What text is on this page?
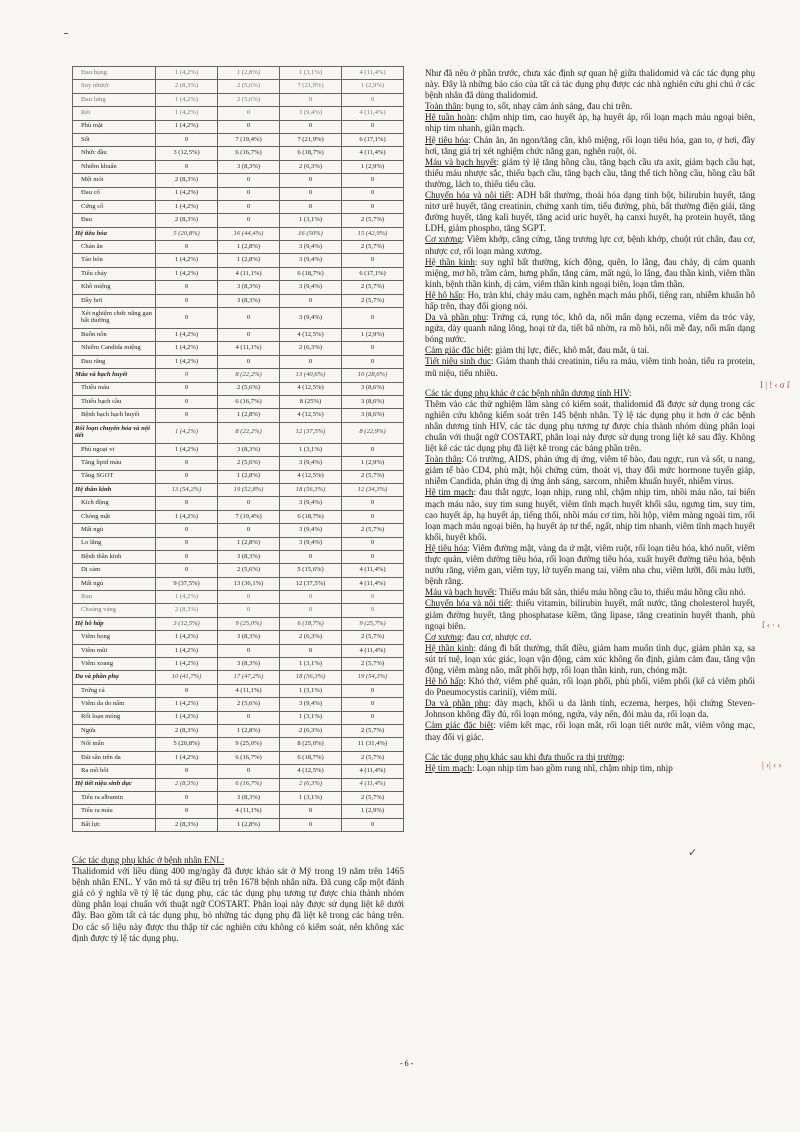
Đau bụng	1 (4,2%)	1 (2,8%)	1 (3,1%)	4 (11,4%)
Suy nhược	2 (8,3%)	2 (5,6%)	7 (21,9%)	1 (2,9%)
Đau lưng	1 (4,2%)	2 (5,6%)	0	0
Rét	1 (4,2%)	0	3 (9,4%)	4 (11,4%)
Phù mặt	1 (4,2%)	0	0	0
Sốt	0	7 (19,4%)	7 (21,9%)	6 (17,1%)
Nhức đầu	3 (12,5%)	6 (16,7%)	6 (18,7%)	4 (11,4%)
Nhiễm khuẩn	0	3 (8,3%)	2 (6,3%)	1 (2,9%)
Mệt mỏi	2 (8,3%)	0	0	0
Đau cổ	1 (4,2%)	0	0	0
Cứng cổ	1 (4,2%)	0	0	0
Đau	2 (8,3%)	0	1 (3,1%)	2 (5,7%)
Hệ tiêu hóa	5 (20,8%)	16 (44,4%)	16 (50%)	15 (42,9%)
Chán ăn	0	1 (2,8%)	3 (9,4%)	2 (5,7%)
Táo bón	1 (4,2%)	1 (2,8%)	3 (9,4%)	0
Tiêu chảy	1 (4,2%)	4 (11,1%)	6 (18,7%)	6 (17,1%)
Khô miệng	0	3 (8,3%)	3 (9,4%)	2 (5,7%)
Đầy hơi	0	3 (8,3%)	0	2 (5,7%)
Xét nghiệm chức năng gan bất thường	0	0	3 (9,4%)	0
Buồn nôn	1 (4,2%)	0	4 (12,5%)	1 (2,9%)
Nhiễm Candida miệng	1 (4,2%)	4 (11,1%)	2 (6,3%)	0
Đau răng	1 (4,2%)	0	0	0
Máu và bạch huyết	0	8 (22,2%)	13 (40,6%)	10 (28,6%)
Thiếu máu	0	2 (5,6%)	4 (12,5%)	3 (8,6%)
Thiếu bạch cầu	0	6 (16,7%)	8 (25%)	3 (8,6%)
Bệnh bạch hạch huyết	0	1 (2,8%)	4 (12,5%)	3 (8,6%)
Rối loạn chuyển hóa và nội tiết	1 (4,2%)	8 (22,2%)	12 (37,5%)	8 (22,9%)
Phù ngoại vi	1 (4,2%)	3 (8,3%)	1 (3,1%)	0
Tăng lipid máu	0	2 (5,6%)	3 (9,4%)	1 (2,9%)
Tăng SGOT	0	1 (2,8%)	4 (12,5%)	2 (5,7%)
Hệ thần kinh	13 (54,2%)	19 (52,8%)	18 (56,3%)	12 (34,3%)
Kích động	0	0	3 (9,4%)	0
Chóng mặt	1 (4,2%)	7 (19,4%)	6 (18,7%)	0
Mất ngủ	0	0	3 (9,4%)	2 (5,7%)
Lo lắng	0	1 (2,8%)	3 (9,4%)	0
Bệnh thần kinh	0	3 (8,3%)	0	0
Dị cảm	0	2 (5,6%)	5 (15,6%)	4 (11,4%)
Mất ngủ	9 (37,5%)	13 (36,1%)	12 (37,5%)	4 (11,4%)
Run	1 (4,2%)	0	0	0
Choáng váng	2 (8,3%)	0	0	0
Hệ hô hấp	3 (12,5%)	9 (25,0%)	6 (18,7%)	9 (25,7%)
Viêm họng	1 (4,2%)	3 (8,3%)	2 (6,3%)	2 (5,7%)
Viêm mũi	1 (4,2%)	0	0	4 (11,4%)
Viêm xoang	1 (4,2%)	3 (8,3%)	1 (3,1%)	2 (5,7%)
Da và phần phụ	10 (41,7%)	17 (47,2%)	18 (56,3%)	19 (54,3%)
Trứng cá	0	4 (11,1%)	1 (3,1%)	0
Viêm da do nấm	1 (4,2%)	2 (5,6%)	3 (9,4%)	0
Rối loạn móng	1 (4,2%)	0	1 (3,1%)	0
Ngứa	2 (8,3%)	1 (2,8%)	2 (6,3%)	2 (5,7%)
Nổi mẩn	5 (20,8%)	9 (25,0%)	8 (25,0%)	11 (31,4%)
Đát sần trên da	1 (4,2%)	6 (16,7%)	6 (18,7%)	2 (5,7%)
Ra mồ hôi	0	0	4 (12,5%)	4 (11,4%)
Hệ tiết niệu sinh dục	2 (8,3%)	6 (16,7%)	2 (6,3%)	4 (11,4%)
Tiểu ra albumin	0	3 (8,3%)	1 (3,1%)	2 (5,7%)
Tiểu ra máu	0	4 (11,1%)	0	1 (2,9%)
Bất lực	2 (8,3%)	1 (2,8%)	0	0

Các tác dụng phụ khác ở bệnh nhân ENL:

Thalidomid với liều dùng 400 mg/ngày đã được khảo sát ở Mỹ trong 19 năm trên 1465 bệnh nhân ENL. Y văn mô tả sự điều trị trên 1678 bệnh nhân nữa. Đã cung cấp một đánh giá có ý nghĩa về tỷ lệ tác dụng phụ, các tác dụng phụ tương tự được chia thành nhóm dùng phân loại chuẩn với thuật ngữ COSTART. Phân loại này được sử dụng liệt kê dưới đây. Bao gồm tất cả tác dụng phụ, bỏ những tác dụng phụ đã liệt kê trong các bảng trên. Do các số liệu này được thu thập từ các nghiên cứu không có kiểm soát, nên không xác định được tỷ lệ tác dụng phụ.

Như đã nêu ở phần trước, chưa xác định sự quan hệ giữa thalidomid và các tác dụng phụ này. Đây là những báo cáo của tất cả tác dụng phụ được các nhà nghiên cứu ghi chú ở các bệnh nhân đã dùng thalidomid.

Toàn thân: bụng to, sốt, nhạy cảm ánh sáng, đau chi trên.

Hệ tuần hoàn: chậm nhịp tim, cao huyết áp, hạ huyết áp, rối loạn mạch máu ngoại biên, nhịp tim nhanh, giãn mạch.

Hệ tiêu hóa: Chán ăn, ăn ngon/tăng cân, khô miệng, rối loạn tiêu hóa, gan to, ợ hơi, đầy hơi, tăng giá trị xét nghiệm chức năng gan, nghẽn ruột, ói.

Máu và bạch huyết: giảm tỷ lệ tăng hồng cầu, tăng bạch cầu ưa axit, giảm bạch cầu hạt, thiếu máu nhược sắc, thiếu bạch cầu, tăng bạch cầu, tăng thể tích hồng cầu, hồng cầu bất thường, lách to, thiếu tiểu cầu.

Chuyển hóa và nội tiết: ADH bất thường, thoái hóa dạng tinh bột, bilirubin huyết, tăng nitơ urê huyết, tăng creatinin, chứng xanh tím, tiểu đường, phù, bất thường điện giải, tăng đường huyết, tăng kali huyết, tăng acid uric huyết, hạ canxi huyết, hạ protein huyết, tăng LDH, giảm phospho, tăng SGPT.

Cơ xương: Viêm khớp, căng cứng, tăng trương lực cơ, bệnh khớp, chuột rút chân, đau cơ, nhược cơ, rối loạn màng xương.

Hệ thần kinh: suy nghĩ bất thường, kích động, quên, lo lắng, đau chảy, dị cảm quanh miệng, mơ hồ, trầm cảm, hưng phấn, tăng cảm, mất ngủ, lo lắng, đau thần kinh, viêm thần kinh, bệnh thần kinh, dị cảm, viêm thần kinh ngoại biên, loạn tâm thần.

Hệ hô hấp: Ho, tràn khí, chảy máu cam, nghẽn mạch máu phổi, tiếng ran, nhiễm khuẩn hô hấp trên, thay đổi giọng nói.

Da và phần phụ: Trứng cá, rụng tóc, khô da, nổi mẩn dạng eczema, viêm da tróc vảy, ngứa, dày quanh năng lông, hoại tử da, tiết bã nhờn, ra mồ hôi, nổi mề đay, nổi mẩn dạng bóng nước.

Cảm giác đặc biệt: giảm thị lực, điếc, khô mắt, đau mắt, ù tai.

Tiết niệu sinh dục: Giảm thanh thải creatinin, tiểu ra máu, viêm tinh hoàn, tiểu ra protein, mũ niệu, tiểu nhiều.

Các tác dụng phụ khác ở các bệnh nhân dương tính HIV:

Thêm vào các thử nghiệm lâm sàng có kiểm soát, thalidomid đã được sử dụng trong các nghiên cứu không kiểm soát trên 145 bệnh nhân. Tỷ lệ tác dụng phụ ít hơn ở các bệnh nhân dương tính HIV, các tác dụng phụ tương tự được chia thành nhóm dùng phân loại chuẩn với thuật ngữ COSTART, phân loại này được sử dụng trong liệt kê sau đây. Không liệt kê các tác dụng phụ đã liệt kê trong các bảng phần trên.

Toàn thân: Có trường, AIDS, phản ứng dị ứng, viêm tế bào, đau ngực, run và sốt, u nang, giảm tế bào CD4, phù mặt, hội chứng cúm, thoát vị, thay đổi mức hormone tuyến giáp, nhiễm Candida, phản ứng dị ứng ánh sáng, sarcom, nhiễm khuẩn huyết, nhiễm virus.

Hệ tim mạch: đau thắt ngực, loạn nhịp, rung nhĩ, chậm nhịp tim, nhồi máu não, tai biến mạch máu não, suy tim sung huyết, viêm tĩnh mạch huyết khối sâu, ngưng tim, suy tim, cao huyết áp, hạ huyết áp, tiếng thổi, nhồi máu cơ tim, hồi hộp, viêm màng ngoài tim, rối loạn mạch máu ngoại biên, hạ huyết áp tư thế, ngất, nhịp tim nhanh, viêm tĩnh mạch huyết khối, huyết khối.

Hệ tiêu hóa: Viêm đường mật, vàng da ứ mật, viêm ruột, rối loạn tiêu hóa, khó nuốt, viêm thực quản, viêm dường tiêu hóa, rối loạn đường tiêu hóa, xuất huyết đường tiêu hóa, bệnh nướu răng, viêm gan, viêm tụy, lở tuyến mang tai, viêm nha chu, viêm lưỡi, đổi màu lưỡi, bệnh răng.

Máu và bạch huyết: Thiếu máu bất sản, thiếu máu hồng cầu to, thiếu máu hồng cầu nhỏ.

Chuyển hóa và nội tiết: thiếu vitamin, bilirubin huyết, mất nước, tăng cholesterol huyết, giảm đường huyết, tăng phosphatase kiềm, tăng lipase, tăng creatinin huyết thanh, phù ngoại biên.

Cơ xương: đau cơ, nhược cơ.

Hệ thần kinh: dáng đi bất thường, thất điều, giảm ham muốn tình dục, giảm phản xạ, sa sút trí tuệ, loạn xúc giác, loạn vận động, cảm xúc không ổn định, giảm cảm đau, tăng vận động, viêm màng não, mất phối hợp, rối loạn thần kinh, run, chóng mặt.

Hệ hô hấp: Khó thở, viêm phế quản, rối loạn phổi, phù phổi, viêm phổi (kể cả viêm phổi do Pneumocystis carinii), viêm mũi.

Da và phần phụ: dày mạch, khối u da lành tính, eczema, herpes, hội chứng Steven-Johnson không đầy đủ, rối loạn móng, ngứa, vảy nến, đỏi màu da, rối loạn da.

Cảm giác đặc biệt: viêm kết mạc, rối loạn mắt, rối loạn tiết nước mắt, viêm võng mạc, thay đổi vị giác.

Các tác dụng phụ khác sau khi đưa thuốc ra thị trường:

Hệ tim mạch: Loạn nhịp tim bao gồm rung nhĩ, chậm nhịp tim, nhịp

- 6 -
I | ! ‹ σ ſ
ſ ‹ · ‹
| ›| ‹ ›
✓
